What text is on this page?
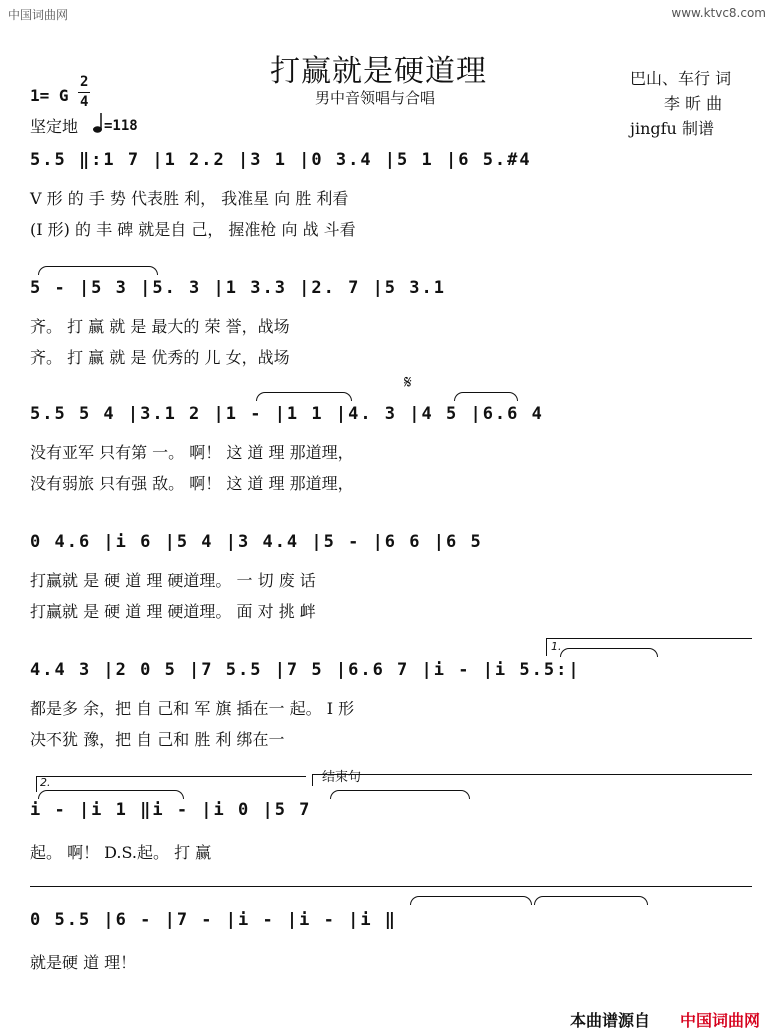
中国词曲网	www.ktvc8.com
打赢就是硬道理
男中音领唱与合唱
1= G
2
4
坚定地 =118
巴山、车行 词
李 昕 曲
jingfu 制谱
5.5 ‖:1 7 |1 2.2 |3 1 |0 3.4 |5 1 |6 5.#4
V 形 的 手 势 代表胜 利， 我准星 向 胜 利看
(I 形) 的 丰 碑 就是自 己， 握准枪 向 战 斗看
5 - |5 3 |5. 3 |1 3.3 |2. 7 |5 3.1
齐。 打 赢 就 是 最大的 荣 誉，战场
齐。 打 赢 就 是 优秀的 儿 女，战场
𝄋
5.5 5 4 |3.1 2 |1 - |1 1 |4. 3 |4 5 |6.6 4
没有亚军 只有第 一。 啊！ 这 道 理 那道理，
没有弱旅 只有强 敌。 啊！ 这 道 理 那道理，
0 4.6 |i 6 |5 4 |3 4.4 |5 - |6 6 |6 5
打赢就 是 硬 道 理 硬道理。 一 切 废 话
打赢就 是 硬 道 理 硬道理。 面 对 挑 衅
1.
4.4 3 |2 0 5 |7 5.5 |7 5 |6.6 7 |i - |i 5.5:|
都是多 余，把 自 己和 军 旗 插在一 起。 I 形
决不犹 豫，把 自 己和 胜 利 绑在一
2.	结束句
i - |i 1 ‖i - |i 0 |5 7
起。 啊！ D.S.起。 打 赢
0 5.5 |6 - |7 - |i - |i - |i ‖
就是硬 道 理！
本曲谱源自 中国词曲网
